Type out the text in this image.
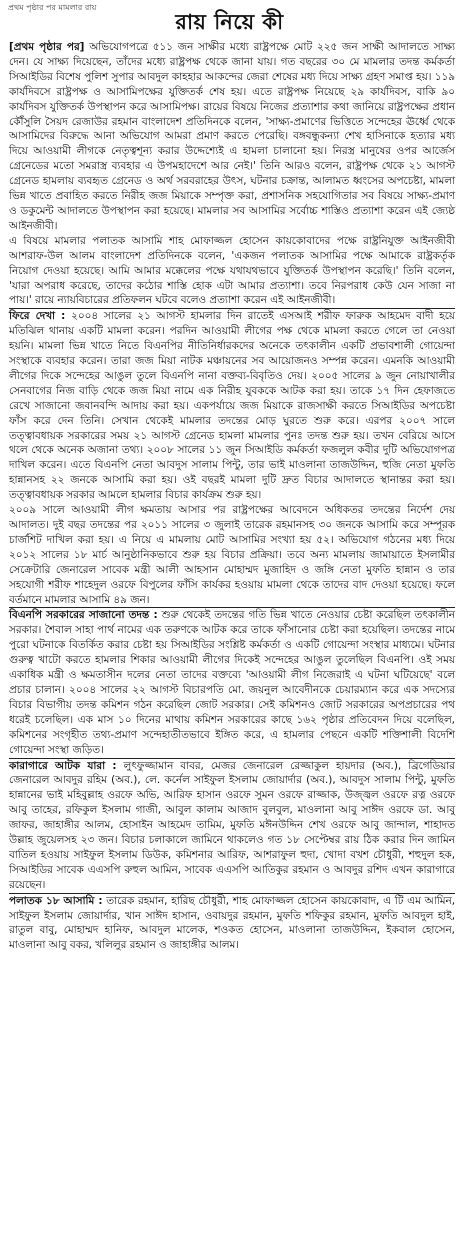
প্রথম পৃষ্ঠার পর মামলার রায়
রায় নিয়ে কী

[প্রথম পৃষ্ঠার পর] অভিযোগপত্রে ৫১১ জন সাক্ষীর মধ্যে রাষ্ট্রপক্ষে মোট ২২৫ জন সাক্ষী আদালতে সাক্ষ্য দেন। যে সাক্ষ্য দিয়েছেন, তাঁদের মধ্যে রাষ্ট্রপক্ষ থেকে জানা যায়। গত বছরের ৩০ মে মামলার তদন্ত কর্মকর্তা সিআইডির বিশেষ পুলিশ সুপার আবদুল কাহহার আকন্দের জেরা শেষের মধ্য দিয়ে সাক্ষ্য গ্রহণ সমাপ্ত হয়। ১১৯ কার্যদিবসে রাষ্ট্রপক্ষ ও আসামিপক্ষের যুক্তিতর্ক শেষ হয়। এতে রাষ্ট্রপক্ষ নিয়েছে ২৯ কার্যদিবস, বাকি ৯০ কার্যদিবস যুক্তিতর্ক উপস্থাপন করে আসামিপক্ষ। রায়ের বিষয়ে নিজের প্রত্যাশার কথা জানিয়ে রাষ্ট্রপক্ষের প্রধান কৌঁসুলি সৈয়দ রেজাউর রহমান বাংলাদেশ প্রতিদিনকে বলেন, 'সাক্ষ্য-প্রমাণের ভিত্তিতে সন্দেহের ঊর্ধ্বে থেকে আসামিদের বিরুদ্ধে আনা অভিযোগ আমরা প্রমাণ করতে পেরেছি। বঙ্গবন্ধুকন্যা শেখ হাসিনাকে হত্যার মধ্য দিয়ে আওয়ামী লীগকে নেতৃত্বশূন্য করার উদ্দেশ্যেই এ হামলা চালানো হয়। নিরস্ত্র মানুষের ওপর আর্জেস গ্রেনেডের মতো সমরাস্ত্র ব্যবহার এ উপমহাদেশে আর নেই।' তিনি আরও বলেন, রাষ্ট্রপক্ষ থেকে ২১ আগস্ট গ্রেনেড হামলায় ব্যবহৃত গ্রেনেড ও অর্থ সরবরাহের উৎস, ঘটনার চক্রান্ত, আলামত ধ্বংসের অপচেষ্টা, মামলা ভিন্ন খাতে প্রবাহিত করতে নিরীহ জজ মিয়াকে সম্পৃক্ত করা, প্রশাসনিক সহযোগিতার সব বিষয়ে সাক্ষ্য-প্রমাণ ও ডকুমেন্ট আদালতে উপস্থাপন করা হয়েছে। মামলার সব আসামির সর্বোচ্চ শাস্তিও প্রত্যাশা করেন এই জ্যেষ্ঠ আইনজীবী।

এ বিষয়ে মামলার পলাতক আসামি শাহ মোফাজ্জল হোসেন কায়কোবাদের পক্ষে রাষ্ট্রনিযুক্ত আইনজীবী আশরাফ-উল আলম বাংলাদেশ প্রতিদিনকে বলেন, 'একজন পলাতক আসামির পক্ষে আমাকে রাষ্ট্রকর্তৃক নিয়োগ দেওয়া হয়েছে। আমি আমার মক্কেলের পক্ষে যথাযথভাবে যুক্তিতর্ক উপস্থাপন করেছি।' তিনি বলেন, 'যারা অপরাধ করেছে, তাদের কঠোর শাস্তি হোক এটা আমার প্রত্যাশা। তবে নিরপরাধ কেউ যেন সাজা না পায়।' রায়ে ন্যায়বিচারের প্রতিফলন ঘটবে বলেও প্রত্যাশা করেন এই আইনজীবী।

ফিরে দেখা : ২০০৪ সালের ২১ আগস্ট হামলার দিন রাতেই এসআই শরীফ ফারুক আহমেদ বাদী হয়ে মতিঝিল থানায় একটি মামলা করেন। পরদিন আওয়ামী লীগের পক্ষ থেকে মামলা করতে গেলে তা নেওয়া হয়নি। মামলা ভিন্ন খাতে নিতে বিএনপির নীতিনির্ধারকদের অনেকে তৎকালীন একটি প্রভাবশালী গোয়েন্দা সংস্থাকে ব্যবহার করেন। তারা জজ মিয়া নাটক মঞ্চায়নের সব আয়োজনও সম্পন্ন করেন। এমনকি আওয়ামী লীগের দিকে সন্দেহের আঙুল তুলে বিএনপি নানা বক্তব্য-বিবৃতিও দেয়। ২০০৫ সালের ৯ জুন নোয়াখালীর সেনবাগের নিজ বাড়ি থেকে জজ মিয়া নামে এক নিরীহ যুবককে আটক করা হয়। তাকে ১৭ দিন হেফাজতে রেখে সাজানো জবানবন্দি আদায় করা হয়। একপর্যায়ে জজ মিয়াকে রাজসাক্ষী করতে সিআইডির অপচেষ্টা ফাঁস করে দেন তিনি। সেখান থেকেই মামলার তদন্তের মোড় ঘুরতে শুরু করে। এরপর ২০০৭ সালে তত্ত্বাবধায়ক সরকারের সময় ২১ আগস্ট গ্রেনেড হামলা মামলার পুনঃ তদন্ত শুরু হয়। তখন বেরিয়ে আসে থলে থেকে অনেক অজানা তথ্য। ২০০৮ সালের ১১ জুন সিআইডি কর্মকর্তা ফজলুল কবীর দুটি অভিযোগপত্র দাখিল করেন। এতে বিএনপি নেতা আবদুস সালাম পিন্টু, তার ভাই মাওলানা তাজউদ্দিন, হুজি নেতা মুফতি হান্নানসহ ২২ জনকে আসামি করা হয়। ওই বছরই মামলা দুটি দ্রুত বিচার আদালতে স্থানান্তর করা হয়। তত্ত্বাবধায়ক সরকার আমলে হামলার বিচার কার্যক্রম শুরু হয়।

২০০৯ সালে আওয়ামী লীগ ক্ষমতায় আসার পর রাষ্ট্রপক্ষের আবেদনে অধিকতর তদন্তের নির্দেশ দেয় আদালত। দুই বছর তদন্তের পর ২০১১ সালের ৩ জুলাই তারেক রহমানসহ ৩০ জনকে আসামি করে সম্পূরক চার্জশিট দাখিল করা হয়। এ নিয়ে এ মামলায় মোট আসামির সংখ্যা হয় ৫২। অভিযোগ গঠনের মধ্য দিয়ে ২০১২ সালের ১৮ মার্চ আনুষ্ঠানিকভাবে শুরু হয় বিচার প্রক্রিয়া। তবে অন্য মামলায় জামায়াতে ইসলামীর সেক্রেটারি জেনারেল সাবেক মন্ত্রী আলী আহসান মোহাম্মদ মুজাহিদ ও জঙ্গি নেতা মুফতি হান্নান ও তার সহযোগী শরীফ শাহেদুল ওরফে বিপুলের ফাঁসি কার্যকর হওয়ায় মামলা থেকে তাদের বাদ দেওয়া হয়েছে। ফলে বর্তমানে মামলার আসামি ৪৯ জন।

বিএনপি সরকারের সাজানো তদন্ত : শুরু থেকেই তদন্তের গতি ভিন্ন খাতে নেওয়ার চেষ্টা করেছিল তৎকালীন সরকার। শৈবাল সাহা পার্থ নামের এক তরুণকে আটক করে তাকে ফাঁসানোর চেষ্টা করা হয়েছিল। তদন্তের নামে পুরো ঘটনাকে বিতর্কিত করার চেষ্টা হয় সিআইডির সংশ্লিষ্ট কর্মকর্তা ও একটি গোয়েন্দা সংস্থার মাধ্যমে। ঘটনার গুরুত্ব খাটো করতে হামলার শিকার আওয়ামী লীগের দিকেই সন্দেহের আঙুল তুলেছিল বিএনপি। ওই সময় একাধিক মন্ত্রী ও ক্ষমতাসীন দলের নেতা তাদের বক্তব্যে 'আওয়ামী লীগ নিজেরাই এ ঘটনা ঘটিয়েছে' বলে প্রচার চালান। ২০০৪ সালের ২২ আগস্ট বিচারপতি মো. জয়নুল আবেদীনকে চেয়ারম্যান করে এক সদস্যের বিচার বিভাগীয় তদন্ত কমিশন গঠন করেছিল জোট সরকার। সেই কমিশনও জোট সরকারের অপপ্রচারের পথ ধরেই চলেছিল। এক মাস ১০ দিনের মাথায় কমিশন সরকারের কাছে ১৬২ পৃষ্ঠার প্রতিবেদন দিয়ে বলেছিল, কমিশনের সংগৃহীত তথ্য-প্রমাণ সন্দেহাতীতভাবে ইঙ্গিত করে, এ হামলার পেছনে একটি শক্তিশালী বিদেশি গোয়েন্দা সংস্থা জড়িত।

কারাগারে আটক যারা : লুৎফুজ্জামান বাবর, মেজর জেনারেল রেজ্জাকুল হায়দার (অব.), ব্রিগেডিয়ার জেনারেল আবদুর রহিম (অব.), লে. কর্নেল সাইফুল ইসলাম জোয়ার্দার (অব.), আবদুস সালাম পিন্টু, মুফতি হান্নানের ভাই মহিবুল্লাহ ওরফে অভি, আরিফ হাসান ওরফে সুমন ওরফে রাজ্জাক, উজ্জ্বল ওরফে রত্ন ওরফে আবু তাহের, রফিকুল ইসলাম গাজী, আবুল কালাম আজাদ বুলবুল, মাওলানা আবু সাঈদ ওরফে ডা. আবু জাফর, জাহাঙ্গীর আলম, হোসাইন আহমেদ তামিম, মুফতি মঈনউদ্দিন শেখ ওরফে আবু জান্দাল, শাহাদত উল্লাহ জুয়েলসহ ২৩ জন। বিচার চলাকালে জামিনে থাকলেও গত ১৮ সেপ্টেম্বর রায় ঠিক করার দিন জামিন বাতিল হওয়ায় সাইফুল ইসলাম ডিউক, কমিশনার আরিফ, আশরাফুল হুদা, খোদা বখশ চৌধুরী, শহুদুল হক, সিআইডির সাবেক এএসপি রুহুল আমিন, সাবেক এএসপি আতিকুর রহমান ও আবদুর রশিদ এখন কারাগারে রয়েছেন।

পলাতক ১৮ আসামি : তারেক রহমান, হারিছ চৌধুরী, শাহ মোফাজ্জল হোসেন কায়কোবাদ, এ টি এম আমিন, সাইফুল ইসলাম জোয়ার্দার, খান সাঈদ হাসান, ওবায়দুর রহমান, মুফতি শফিকুর রহমান, মুফতি আবদুল হাই, রাতুল বাবু, মোহাম্মদ হানিফ, আবদুল মালেক, শওকত হোসেন, মাওলানা তাজউদ্দিন, ইকবাল হোসেন, মাওলানা আবু বকর, খলিলুর রহমান ও জাহাঙ্গীর আলম।
